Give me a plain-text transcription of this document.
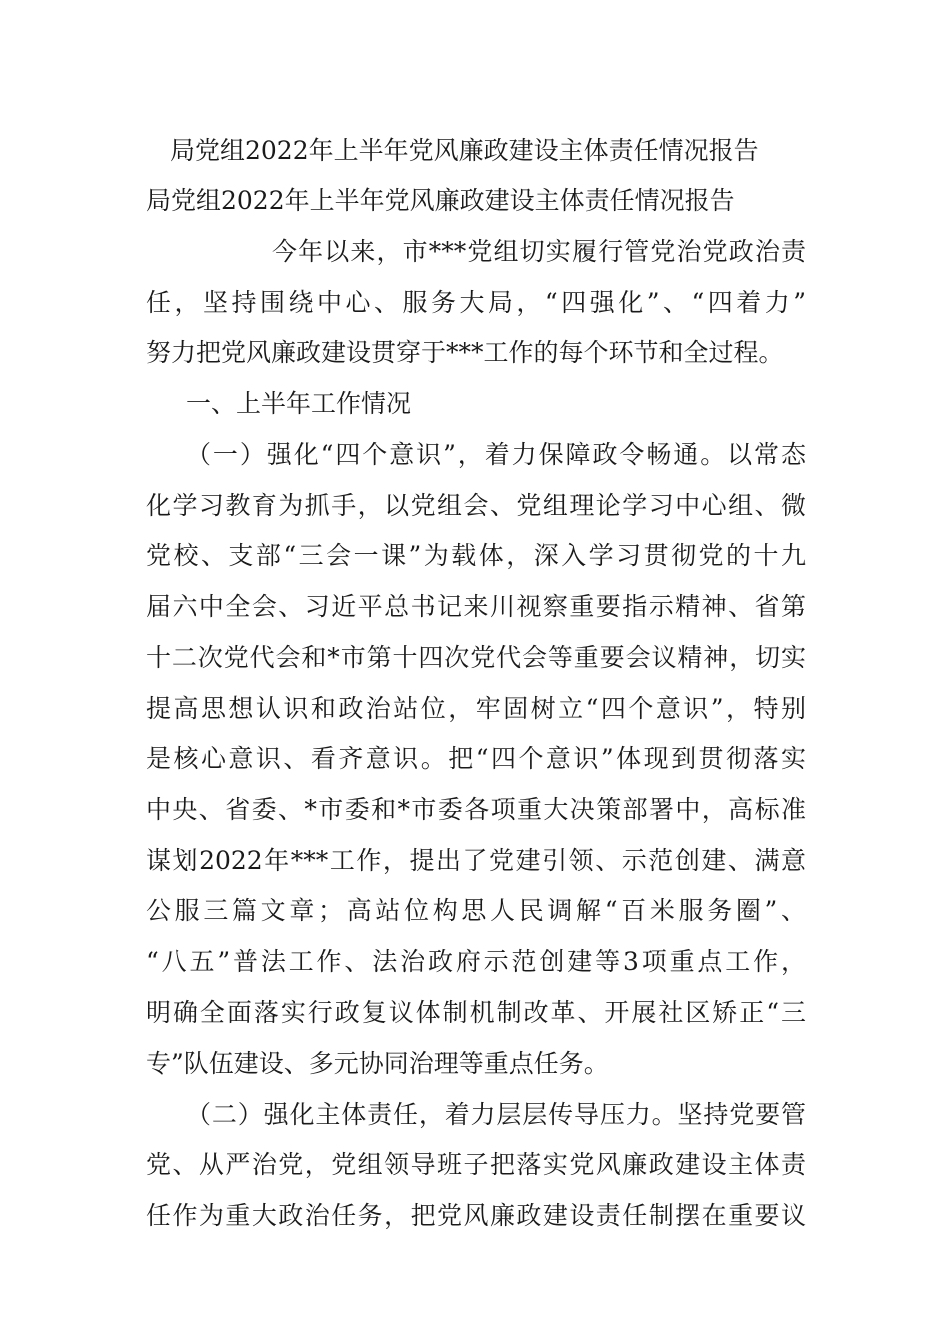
局党组2022年上半年党风廉政建设主体责任情况报告
局党组2022年上半年党风廉政建设主体责任情况报告
今年以来，市***党组切实履行管党治党政治责
任，坚持围绕中心、服务大局，“四强化”、“四着力”
努力把党风廉政建设贯穿于***工作的每个环节和全过程。
一、上半年工作情况
（一）强化“四个意识”，着力保障政令畅通。以常态
化学习教育为抓手，以党组会、党组理论学习中心组、微
党校、支部“三会一课”为载体，深入学习贯彻党的十九
届六中全会、习近平总书记来川视察重要指示精神、省第
十二次党代会和*市第十四次党代会等重要会议精神，切实
提高思想认识和政治站位，牢固树立“四个意识”，特别
是核心意识、看齐意识。把“四个意识”体现到贯彻落实
中央、省委、*市委和*市委各项重大决策部署中，高标准
谋划2022年***工作，提出了党建引领、示范创建、满意
公服三篇文章；高站位构思人民调解“百米服务圈”、
“八五”普法工作、法治政府示范创建等3项重点工作，
明确全面落实行政复议体制机制改革、开展社区矫正“三
专”队伍建设、多元协同治理等重点任务。
（二）强化主体责任，着力层层传导压力。坚持党要管
党、从严治党，党组领导班子把落实党风廉政建设主体责
任作为重大政治任务，把党风廉政建设责任制摆在重要议
